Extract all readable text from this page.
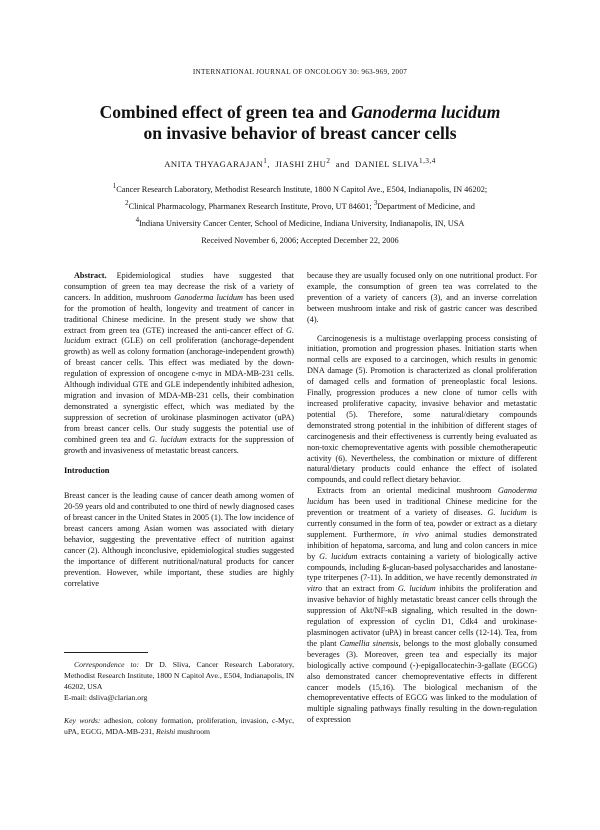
INTERNATIONAL JOURNAL OF ONCOLOGY 30: 963-969, 2007
Combined effect of green tea and Ganoderma lucidum
on invasive behavior of breast cancer cells
ANITA THYAGARAJAN$^1$,  JIASHI ZHU$^2$ and DANIEL SLIVA$^{1,3,4}$
$^1$Cancer Research Laboratory, Methodist Research Institute, 1800 N Capitol Ave., E504, Indianapolis, IN 46202;
$^2$Clinical Pharmacology, Pharmanex Research Institute, Provo, UT 84601; $^3$Department of Medicine, and
$^4$Indiana University Cancer Center, School of Medicine, Indiana University, Indianapolis, IN, USA
Received November 6, 2006; Accepted December 22, 2006

Abstract. Epidemiological studies have suggested that consumption of green tea may decrease the risk of a variety of cancers. In addition, mushroom Ganoderma lucidum has been used for the promotion of health, longevity and treatment of cancer in traditional Chinese medicine. In the present study we show that extract from green tea (GTE) increased the anti-cancer effect of G. lucidum extract (GLE) on cell proliferation (anchorage-dependent growth) as well as colony formation (anchorage-independent growth) of breast cancer cells. This effect was mediated by the down-regulation of expression of oncogene c-myc in MDA-MB-231 cells. Although individual GTE and GLE independently inhibited adhesion, migration and invasion of MDA-MB-231 cells, their combination demonstrated a synergistic effect, which was mediated by the suppression of secretion of urokinase plasminogen activator (uPA) from breast cancer cells. Our study suggests the potential use of combined green tea and G. lucidum extracts for the suppression of growth and invasiveness of metastatic breast cancers.

Introduction

Breast cancer is the leading cause of cancer death among women of 20-59 years old and contributed to one third of newly diagnosed cases of breast cancer in the United States in 2005 (1). The low incidence of breast cancers among Asian women was associated with dietary behavior, suggesting the preventative effect of nutrition against cancer (2). Although inconclusive, epidemiological studies suggested the importance of different nutritional/natural products for cancer prevention. However, while important, these studies are highly correlative

because they are usually focused only on one nutritional product. For example, the consumption of green tea was correlated to the prevention of a variety of cancers (3), and an inverse correlation between mushroom intake and risk of gastric cancer was described (4).

Carcinogenesis is a multistage overlapping process consisting of initiation, promotion and progression phases. Initiation starts when normal cells are exposed to a carcinogen, which results in genomic DNA damage (5). Promotion is characterized as clonal proliferation of damaged cells and formation of preneoplastic focal lesions. Finally, progression produces a new clone of tumor cells with increased proliferative capacity, invasive behavior and metastatic potential (5). Therefore, some natural/dietary compounds demonstrated strong potential in the inhibition of different stages of carcinogenesis and their effectiveness is currently being evaluated as non-toxic chemopreventative agents with possible chemotherapeutic activity (6). Nevertheless, the combination or mixture of different natural/dietary products could enhance the effect of isolated compounds, and could reflect dietary behavior.

Extracts from an oriental medicinal mushroom Ganoderma lucidum has been used in traditional Chinese medicine for the prevention or treatment of a variety of diseases. G. lucidum is currently consumed in the form of tea, powder or extract as a dietary supplement. Furthermore, in vivo animal studies demonstrated inhibition of hepatoma, sarcoma, and lung and colon cancers in mice by G. lucidum extracts containing a variety of biologically active compounds, including ß-glucan-based polysaccharides and lanostane-type triterpenes (7-11). In addition, we have recently demonstrated in vitro that an extract from G. lucidum inhibits the proliferation and invasive behavior of highly metastatic breast cancer cells through the suppression of Akt/NF-κB signaling, which resulted in the down-regulation of expression of cyclin D1, Cdk4 and urokinase-plasminogen activator (uPA) in breast cancer cells (12-14). Tea, from the plant Camellia sinensis, belongs to the most globally consumed beverages (3). Moreover, green tea and especially its major biologically active compound (-)-epigallocatechin-3-gallate (EGCG) also demonstrated cancer chemopreventative effects in different cancer models (15,16). The biological mechanism of the chemopreventative effects of EGCG was linked to the modulation of multiple signaling pathways finally resulting in the down-regulation of expression

Correspondence to: Dr D. Sliva, Cancer Research Laboratory, Methodist Research Institute, 1800 N Capitol Ave., E504, Indianapolis, IN 46202, USA
E-mail: dsliva@clarian.org
Key words: adhesion, colony formation, proliferation, invasion, c-Myc, uPA, EGCG, MDA-MB-231, Reishi mushroom
